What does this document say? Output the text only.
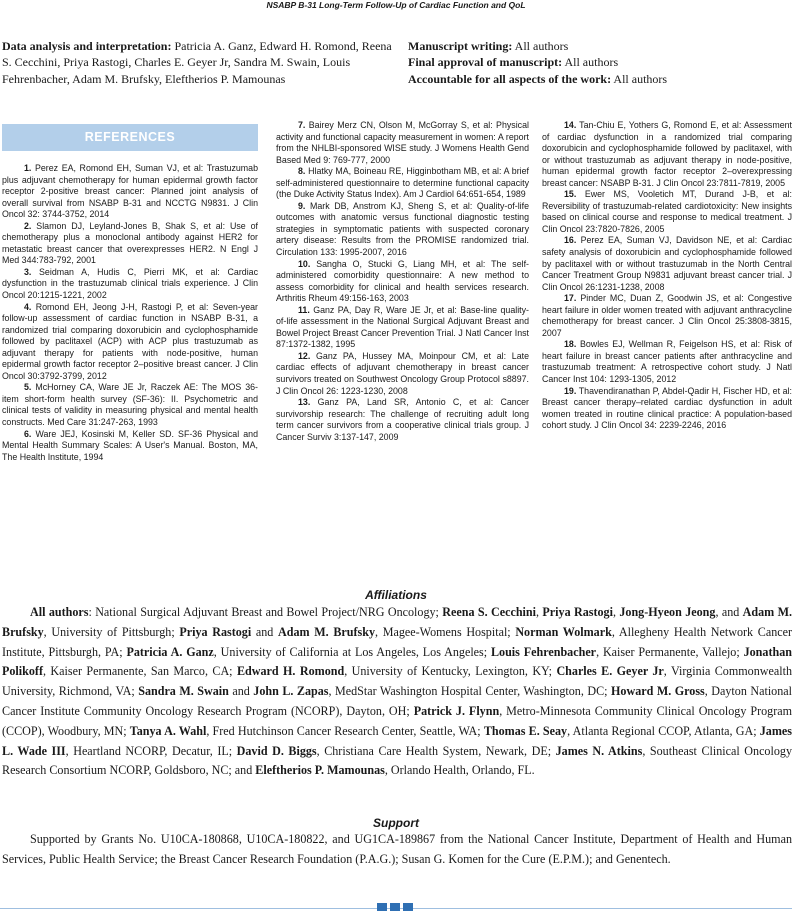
NSABP B-31 Long-Term Follow-Up of Cardiac Function and QoL

Data analysis and interpretation: Patricia A. Ganz, Edward H. Romond, Reena S. Cecchini, Priya Rastogi, Charles E. Geyer Jr, Sandra M. Swain, Louis Fehrenbacher, Adam M. Brufsky, Eleftherios P. Mamounas

Manuscript writing: All authors

Final approval of manuscript: All authors

Accountable for all aspects of the work: All authors

REFERENCES

1. Perez EA, Romond EH, Suman VJ, et al: Trastuzumab plus adjuvant chemotherapy for human epidermal growth factor receptor 2-positive breast cancer: Planned joint analysis of overall survival from NSABP B-31 and NCCTG N9831. J Clin Oncol 32: 3744-3752, 2014

2. Slamon DJ, Leyland-Jones B, Shak S, et al: Use of chemotherapy plus a monoclonal antibody against HER2 for metastatic breast cancer that overexpresses HER2. N Engl J Med 344:783-792, 2001

3. Seidman A, Hudis C, Pierri MK, et al: Cardiac dysfunction in the trastuzumab clinical trials experience. J Clin Oncol 20:1215-1221, 2002

4. Romond EH, Jeong J-H, Rastogi P, et al: Seven-year follow-up assessment of cardiac function in NSABP B-31, a randomized trial comparing doxorubicin and cyclophosphamide followed by paclitaxel (ACP) with ACP plus trastuzumab as adjuvant therapy for patients with node-positive, human epidermal growth factor receptor 2–positive breast cancer. J Clin Oncol 30:3792-3799, 2012

5. McHorney CA, Ware JE Jr, Raczek AE: The MOS 36-item short-form health survey (SF-36): II. Psychometric and clinical tests of validity in measuring physical and mental health constructs. Med Care 31:247-263, 1993

6. Ware JEJ, Kosinski M, Keller SD. SF-36 Physical and Mental Health Summary Scales: A User's Manual. Boston, MA, The Health Institute, 1994

7. Bairey Merz CN, Olson M, McGorray S, et al: Physical activity and functional capacity measurement in women: A report from the NHLBI-sponsored WISE study. J Womens Health Gend Based Med 9: 769-777, 2000

8. Hlatky MA, Boineau RE, Higginbotham MB, et al: A brief self-administered questionnaire to determine functional capacity (the Duke Activity Status Index). Am J Cardiol 64:651-654, 1989

9. Mark DB, Anstrom KJ, Sheng S, et al: Quality-of-life outcomes with anatomic versus functional diagnostic testing strategies in symptomatic patients with suspected coronary artery disease: Results from the PROMISE randomized trial. Circulation 133: 1995-2007, 2016

10. Sangha O, Stucki G, Liang MH, et al: The self-administered comorbidity questionnaire: A new method to assess comorbidity for clinical and health services research. Arthritis Rheum 49:156-163, 2003

11. Ganz PA, Day R, Ware JE Jr, et al: Base-line quality-of-life assessment in the National Surgical Adjuvant Breast and Bowel Project Breast Cancer Prevention Trial. J Natl Cancer Inst 87:1372-1382, 1995

12. Ganz PA, Hussey MA, Moinpour CM, et al: Late cardiac effects of adjuvant chemotherapy in breast cancer survivors treated on Southwest Oncology Group Protocol s8897. J Clin Oncol 26: 1223-1230, 2008

13. Ganz PA, Land SR, Antonio C, et al: Cancer survivorship research: The challenge of recruiting adult long term cancer survivors from a cooperative clinical trials group. J Cancer Surviv 3:137-147, 2009

14. Tan-Chiu E, Yothers G, Romond E, et al: Assessment of cardiac dysfunction in a randomized trial comparing doxorubicin and cyclophosphamide followed by paclitaxel, with or without trastuzumab as adjuvant therapy in node-positive, human epidermal growth factor receptor 2–overexpressing breast cancer: NSABP B-31. J Clin Oncol 23:7811-7819, 2005

15. Ewer MS, Vooletich MT, Durand J-B, et al: Reversibility of trastuzumab-related cardiotoxicity: New insights based on clinical course and response to medical treatment. J Clin Oncol 23:7820-7826, 2005

16. Perez EA, Suman VJ, Davidson NE, et al: Cardiac safety analysis of doxorubicin and cyclophosphamide followed by paclitaxel with or without trastuzumab in the North Central Cancer Treatment Group N9831 adjuvant breast cancer trial. J Clin Oncol 26:1231-1238, 2008

17. Pinder MC, Duan Z, Goodwin JS, et al: Congestive heart failure in older women treated with adjuvant anthracycline chemotherapy for breast cancer. J Clin Oncol 25:3808-3815, 2007

18. Bowles EJ, Wellman R, Feigelson HS, et al: Risk of heart failure in breast cancer patients after anthracycline and trastuzumab treatment: A retrospective cohort study. J Natl Cancer Inst 104: 1293-1305, 2012

19. Thavendiranathan P, Abdel-Qadir H, Fischer HD, et al: Breast cancer therapy–related cardiac dysfunction in adult women treated in routine clinical practice: A population-based cohort study. J Clin Oncol 34: 2239-2246, 2016

Affiliations
All authors: National Surgical Adjuvant Breast and Bowel Project/NRG Oncology; Reena S. Cecchini, Priya Rastogi, Jong-Hyeon Jeong, and Adam M. Brufsky, University of Pittsburgh; Priya Rastogi and Adam M. Brufsky, Magee-Womens Hospital; Norman Wolmark, Allegheny Health Network Cancer Institute, Pittsburgh, PA; Patricia A. Ganz, University of California at Los Angeles, Los Angeles; Louis Fehrenbacher, Kaiser Permanente, Vallejo; Jonathan Polikoff, Kaiser Permanente, San Marco, CA; Edward H. Romond, University of Kentucky, Lexington, KY; Charles E. Geyer Jr, Virginia Commonwealth University, Richmond, VA; Sandra M. Swain and John L. Zapas, MedStar Washington Hospital Center, Washington, DC; Howard M. Gross, Dayton National Cancer Institute Community Oncology Research Program (NCORP), Dayton, OH; Patrick J. Flynn, Metro-Minnesota Community Clinical Oncology Program (CCOP), Woodbury, MN; Tanya A. Wahl, Fred Hutchinson Cancer Research Center, Seattle, WA; Thomas E. Seay, Atlanta Regional CCOP, Atlanta, GA; James L. Wade III, Heartland NCORP, Decatur, IL; David D. Biggs, Christiana Care Health System, Newark, DE; James N. Atkins, Southeast Clinical Oncology Research Consortium NCORP, Goldsboro, NC; and Eleftherios P. Mamounas, Orlando Health, Orlando, FL.
Support
Supported by Grants No. U10CA-180868, U10CA-180822, and UG1CA-189867 from the National Cancer Institute, Department of Health and Human Services, Public Health Service; the Breast Cancer Research Foundation (P.A.G.); Susan G. Komen for the Cure (E.P.M.); and Genentech.
